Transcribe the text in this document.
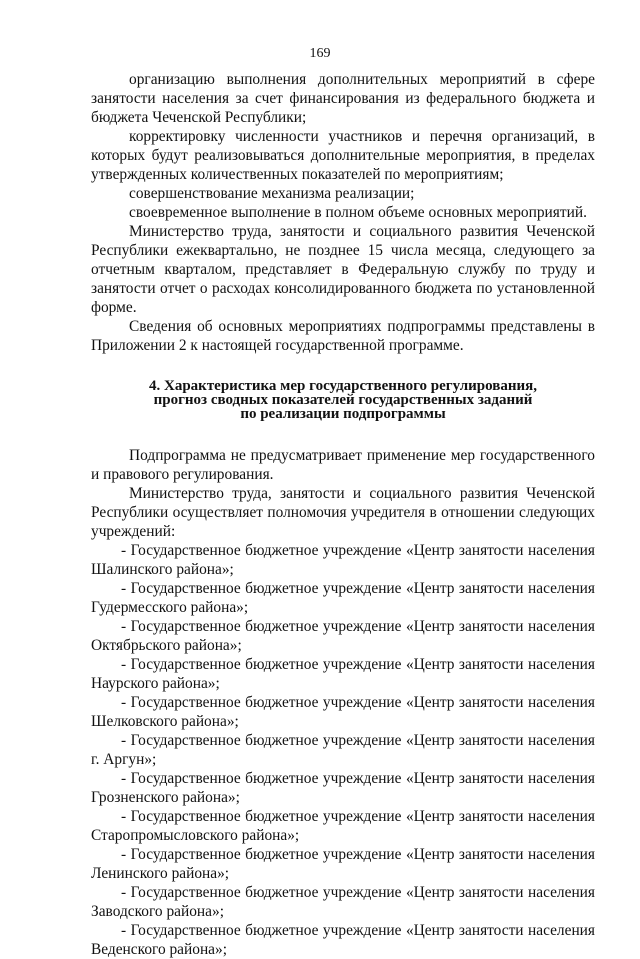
169

организацию выполнения дополнительных мероприятий в сфере занятости населения за счет финансирования из федерального бюджета и бюджета Чеченской Республики;

корректировку численности участников и перечня организаций, в которых будут реализовываться дополнительные мероприятия, в пределах утвержденных количественных показателей по мероприятиям;

совершенствование механизма реализации;

своевременное выполнение в полном объеме основных мероприятий.

Министерство труда, занятости и социального развития Чеченской Республики ежеквартально, не позднее 15 числа месяца, следующего за отчетным кварталом, представляет в Федеральную службу по труду и занятости отчет о расходах консолидированного бюджета по установленной форме.

Сведения об основных мероприятиях подпрограммы представлены в Приложении 2 к настоящей государственной программе.

4. Характеристика мер государственного регулирования,
прогноз сводных показателей государственных заданий
по реализации подпрограммы

Подпрограмма не предусматривает применение мер государственного и правового регулирования.

Министерство труда, занятости и социального развития Чеченской Республики осуществляет полномочия учредителя в отношении следующих учреждений:

- Государственное бюджетное учреждение «Центр занятости населения Шалинского района»;

- Государственное бюджетное учреждение «Центр занятости населения Гудермесского района»;

- Государственное бюджетное учреждение «Центр занятости населения Октябрьского района»;

- Государственное бюджетное учреждение «Центр занятости населения Наурского района»;

- Государственное бюджетное учреждение «Центр занятости населения Шелковского района»;

- Государственное бюджетное учреждение «Центр занятости населения г. Аргун»;

- Государственное бюджетное учреждение «Центр занятости населения Грозненского района»;

- Государственное бюджетное учреждение «Центр занятости населения Старопромысловского района»;

- Государственное бюджетное учреждение «Центр занятости населения Ленинского района»;

- Государственное бюджетное учреждение «Центр занятости населения Заводского района»;

- Государственное бюджетное учреждение «Центр занятости населения Веденского района»;
